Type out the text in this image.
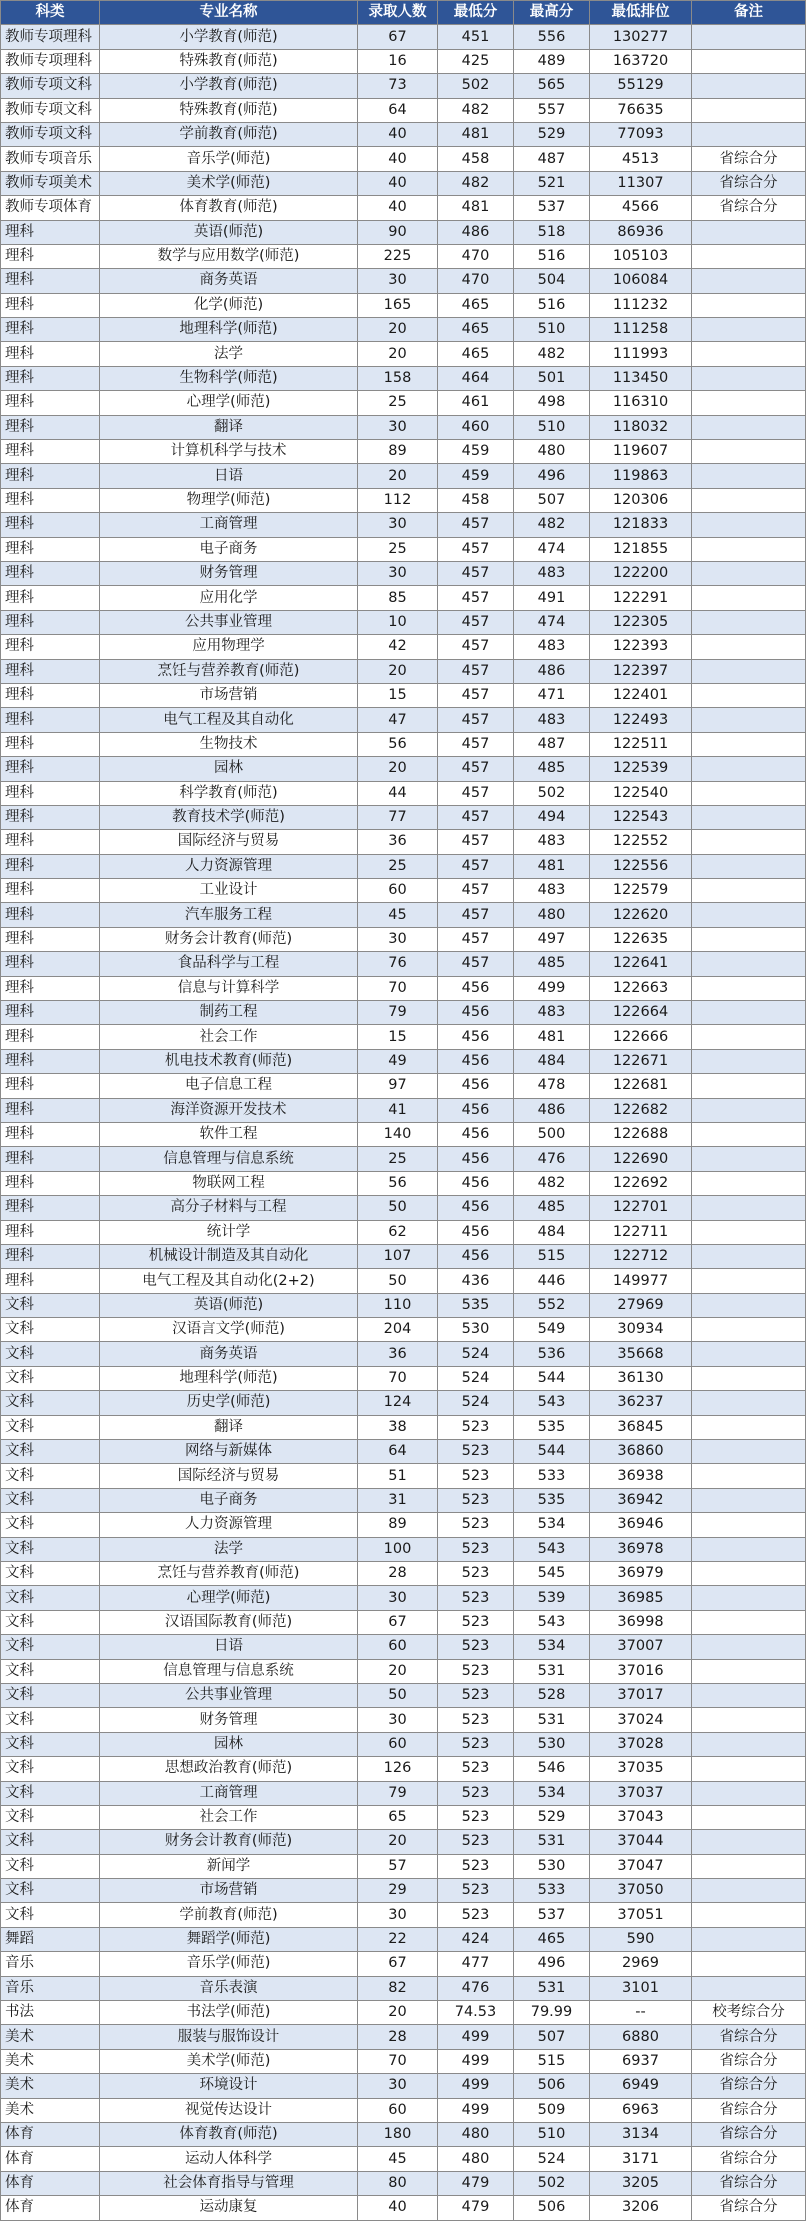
科类	专业名称	录取人数	最低分	最高分	最低排位	备注
教师专项理科	小学教育(师范)	67	451	556	130277	
教师专项理科	特殊教育(师范)	16	425	489	163720	
教师专项文科	小学教育(师范)	73	502	565	55129	
教师专项文科	特殊教育(师范)	64	482	557	76635	
教师专项文科	学前教育(师范)	40	481	529	77093	
教师专项音乐	音乐学(师范)	40	458	487	4513	省综合分
教师专项美术	美术学(师范)	40	482	521	11307	省综合分
教师专项体育	体育教育(师范)	40	481	537	4566	省综合分
理科	英语(师范)	90	486	518	86936	
理科	数学与应用数学(师范)	225	470	516	105103	
理科	商务英语	30	470	504	106084	
理科	化学(师范)	165	465	516	111232	
理科	地理科学(师范)	20	465	510	111258	
理科	法学	20	465	482	111993	
理科	生物科学(师范)	158	464	501	113450	
理科	心理学(师范)	25	461	498	116310	
理科	翻译	30	460	510	118032	
理科	计算机科学与技术	89	459	480	119607	
理科	日语	20	459	496	119863	
理科	物理学(师范)	112	458	507	120306	
理科	工商管理	30	457	482	121833	
理科	电子商务	25	457	474	121855	
理科	财务管理	30	457	483	122200	
理科	应用化学	85	457	491	122291	
理科	公共事业管理	10	457	474	122305	
理科	应用物理学	42	457	483	122393	
理科	烹饪与营养教育(师范)	20	457	486	122397	
理科	市场营销	15	457	471	122401	
理科	电气工程及其自动化	47	457	483	122493	
理科	生物技术	56	457	487	122511	
理科	园林	20	457	485	122539	
理科	科学教育(师范)	44	457	502	122540	
理科	教育技术学(师范)	77	457	494	122543	
理科	国际经济与贸易	36	457	483	122552	
理科	人力资源管理	25	457	481	122556	
理科	工业设计	60	457	483	122579	
理科	汽车服务工程	45	457	480	122620	
理科	财务会计教育(师范)	30	457	497	122635	
理科	食品科学与工程	76	457	485	122641	
理科	信息与计算科学	70	456	499	122663	
理科	制药工程	79	456	483	122664	
理科	社会工作	15	456	481	122666	
理科	机电技术教育(师范)	49	456	484	122671	
理科	电子信息工程	97	456	478	122681	
理科	海洋资源开发技术	41	456	486	122682	
理科	软件工程	140	456	500	122688	
理科	信息管理与信息系统	25	456	476	122690	
理科	物联网工程	56	456	482	122692	
理科	高分子材料与工程	50	456	485	122701	
理科	统计学	62	456	484	122711	
理科	机械设计制造及其自动化	107	456	515	122712	
理科	电气工程及其自动化(2+2)	50	436	446	149977	
文科	英语(师范)	110	535	552	27969	
文科	汉语言文学(师范)	204	530	549	30934	
文科	商务英语	36	524	536	35668	
文科	地理科学(师范)	70	524	544	36130	
文科	历史学(师范)	124	524	543	36237	
文科	翻译	38	523	535	36845	
文科	网络与新媒体	64	523	544	36860	
文科	国际经济与贸易	51	523	533	36938	
文科	电子商务	31	523	535	36942	
文科	人力资源管理	89	523	534	36946	
文科	法学	100	523	543	36978	
文科	烹饪与营养教育(师范)	28	523	545	36979	
文科	心理学(师范)	30	523	539	36985	
文科	汉语国际教育(师范)	67	523	543	36998	
文科	日语	60	523	534	37007	
文科	信息管理与信息系统	20	523	531	37016	
文科	公共事业管理	50	523	528	37017	
文科	财务管理	30	523	531	37024	
文科	园林	60	523	530	37028	
文科	思想政治教育(师范)	126	523	546	37035	
文科	工商管理	79	523	534	37037	
文科	社会工作	65	523	529	37043	
文科	财务会计教育(师范)	20	523	531	37044	
文科	新闻学	57	523	530	37047	
文科	市场营销	29	523	533	37050	
文科	学前教育(师范)	30	523	537	37051	
舞蹈	舞蹈学(师范)	22	424	465	590	
音乐	音乐学(师范)	67	477	496	2969	
音乐	音乐表演	82	476	531	3101	
书法	书法学(师范)	20	74.53	79.99	--	校考综合分
美术	服装与服饰设计	28	499	507	6880	省综合分
美术	美术学(师范)	70	499	515	6937	省综合分
美术	环境设计	30	499	506	6949	省综合分
美术	视觉传达设计	60	499	509	6963	省综合分
体育	体育教育(师范)	180	480	510	3134	省综合分
体育	运动人体科学	45	480	524	3171	省综合分
体育	社会体育指导与管理	80	479	502	3205	省综合分
体育	运动康复	40	479	506	3206	省综合分
